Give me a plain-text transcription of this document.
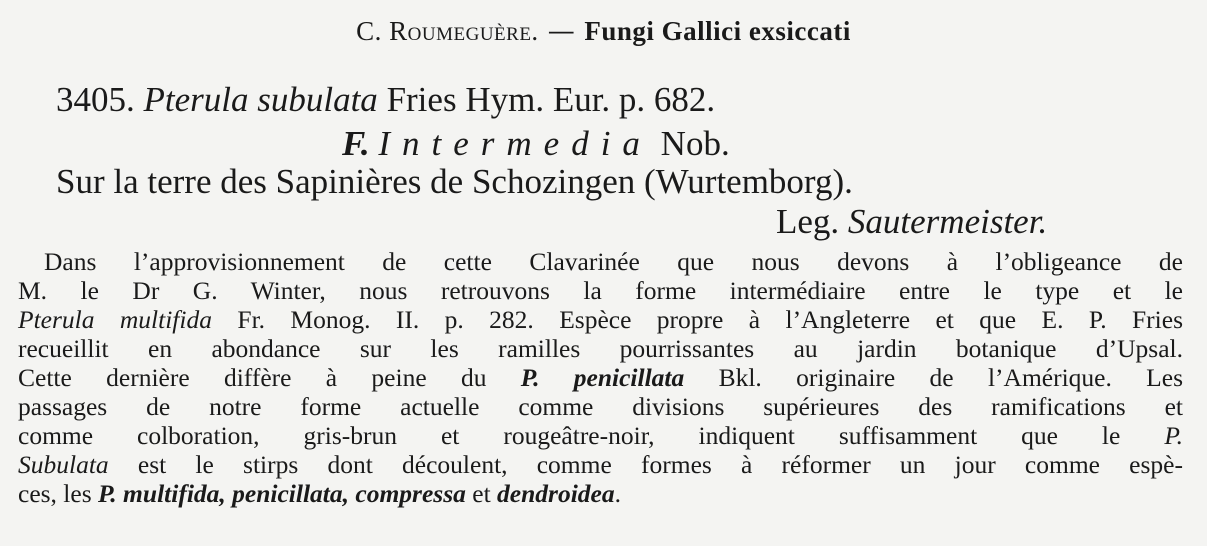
C. Roumeguère. — Fungi Gallici exsiccati
3405. Pterula subulata Fries Hym. Eur. p. 682.
F. Intermedia Nob.
Sur la terre des Sapinières de Schozingen (Wurtemborg).
Leg. Sautermeister.
Dans l’approvisionnement de cette Clavarinée que nous devons à l’obligeance de
M. le Dr G. Winter, nous retrouvons la forme intermédiaire entre le type et le
Pterula multifida Fr. Monog. II. p. 282. Espèce propre à l’Angleterre et que E. P. Fries
recueillit en abondance sur les ramilles pourrissantes au jardin botanique d’Upsal.
Cette dernière diffère à peine du P. penicillata Bkl. originaire de l’Amérique. Les
passages de notre forme actuelle comme divisions supérieures des ramifications et
comme colboration, gris-brun et rougeâtre-noir, indiquent suffisamment que le P.
Subulata est le stirps dont découlent, comme formes à réformer un jour comme espè-
ces, les P. multifida, penicillata, compressa et dendroidea.
